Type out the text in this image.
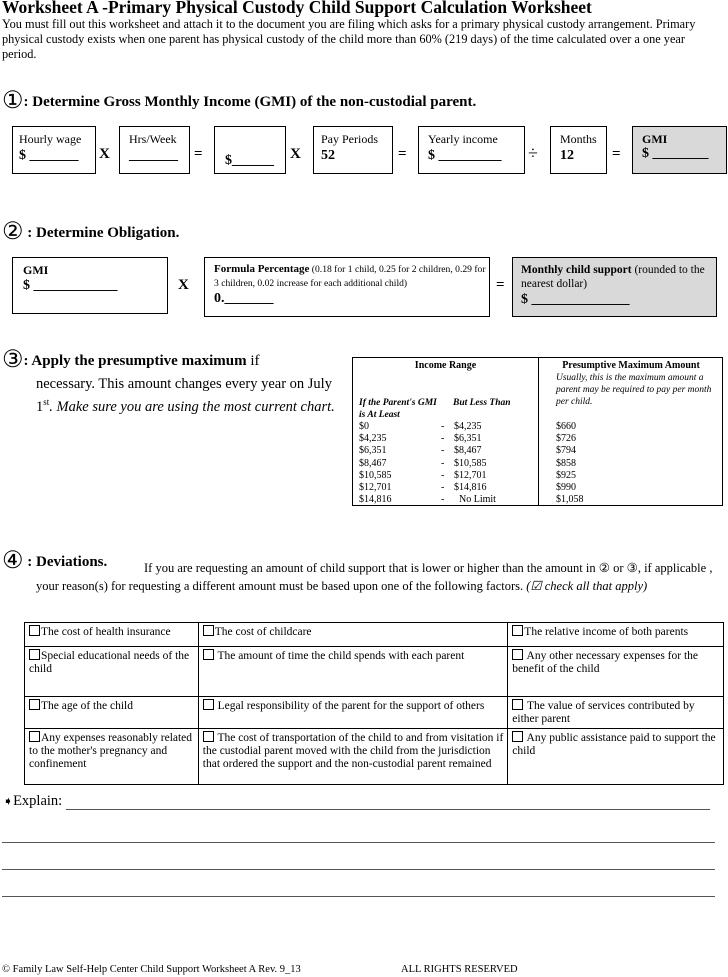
Worksheet A -Primary Physical Custody Child Support Calculation Worksheet
You must fill out this worksheet and attach it to the document you are filing which asks for a primary physical custody arrangement. Primary physical custody exists when one parent has physical custody of the child more than 60% (219 days) of the time calculated over a one year period.
①: Determine Gross Monthly Income (GMI) of the non-custodial parent.
Hourly wage
$ _______ X
Hrs/Week
_______ = $______ X
Pay Periods
52	=
Yearly income
$ _________ ÷
Months
12	=
GMI
$ ________
② : Determine Obligation.
GMI
$ ____________	X
Formula Percentage (0.18 for 1 child, 0.25 for 2 children, 0.29 for 3 children, 0.02 increase for each additional child)
0._______
=
Monthly child support (rounded to the nearest dollar)
$ ______________
③: Apply the presumptive maximum if
necessary. This amount changes every year on July 1st. Make sure you are using the most current chart.
Income Range	Presumptive Maximum Amount
Usually, this is the maximum amount a parent may be required to pay per month per child.
If the Parent's GMI is At Least
But Less Than
$0	- $4,235	$660
$4,235	- $6,351	$726
$6,351	- $8,467	$794
$8,467	- $10,585	$858
$10,585	- $12,701	$925
$12,701	- $14,816	$990
$14,816	- No Limit	$1,058
④ : Deviations.	If you are requesting an amount of child support that is lower or higher than the amount in ② or ③, if applicable , your reason(s) for requesting a different amount must be based upon one of the following factors. (☑ check all that apply)
The cost of health insurance	The cost of childcare	The relative income of both parents
Special educational needs of the child	The amount of time the child spends with each parent	Any other necessary expenses for the benefit of the child
The age of the child	Legal responsibility of the parent for the support of others	The value of services contributed by either parent
Any expenses reasonably related to the mother's pregnancy and confinement	The cost of transportation of the child to and from visitation if the custodial parent moved with the child from the jurisdiction that ordered the support and the non-custodial parent remained	Any public assistance paid to support the child
➧Explain:
© Family Law Self-Help Center Child Support Worksheet A Rev. 9_13	ALL RIGHTS RESERVED
